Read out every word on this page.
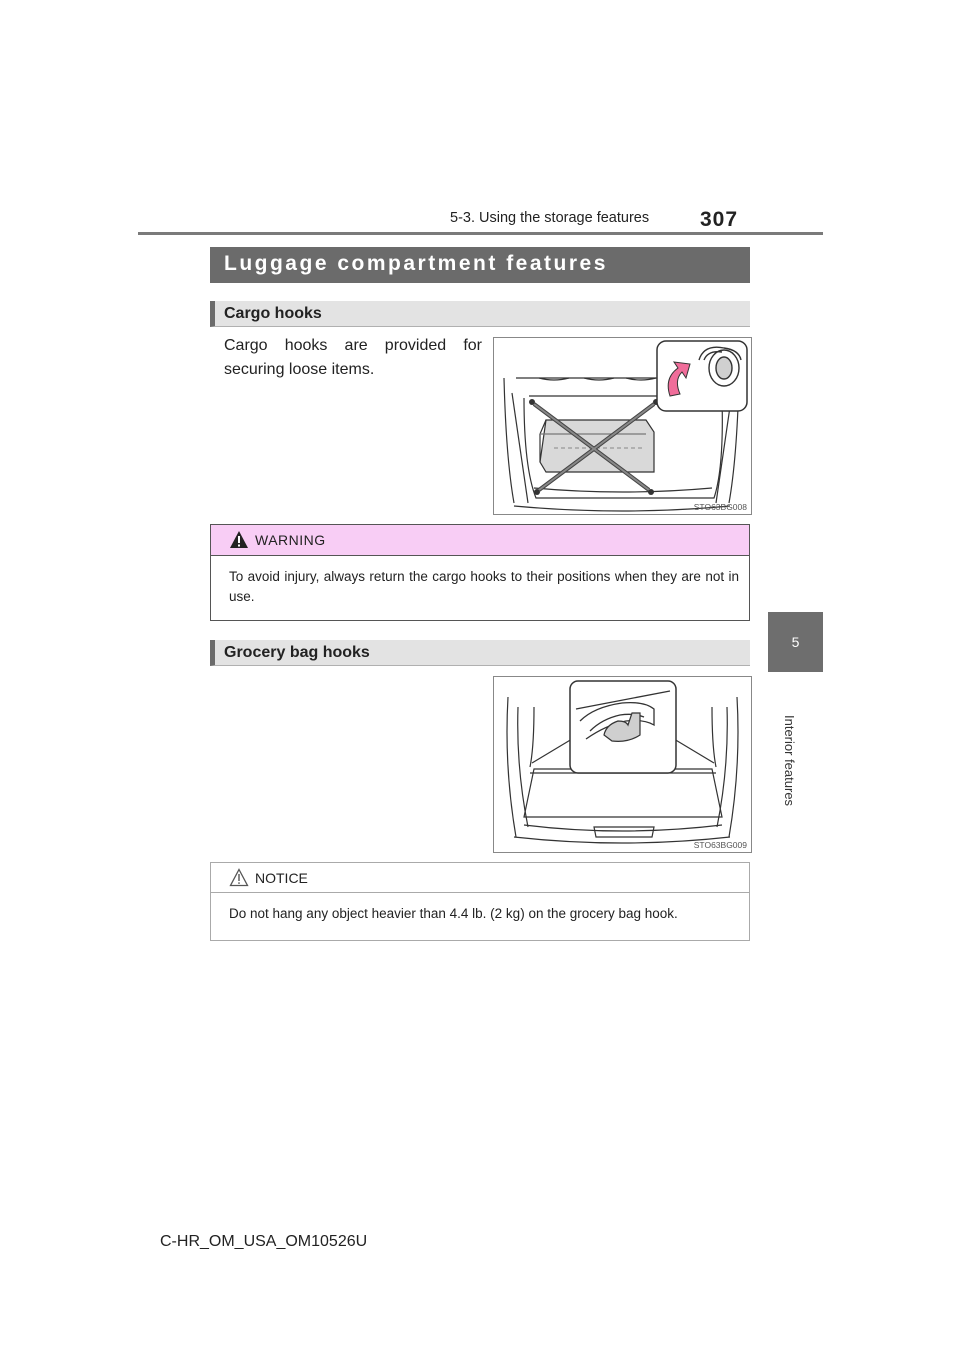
5-3. Using the storage features 307
5
Interior features
Luggage compartment features
Cargo hooks
Cargo hooks are provided for securing loose items.
STO63BG008
WARNING
To avoid injury, always return the cargo hooks to their positions when they are not in use.
Grocery bag hooks
STO63BG009
NOTICE
Do not hang any object heavier than 4.4 lb. (2 kg) on the grocery bag hook.
C-HR_OM_USA_OM10526U
